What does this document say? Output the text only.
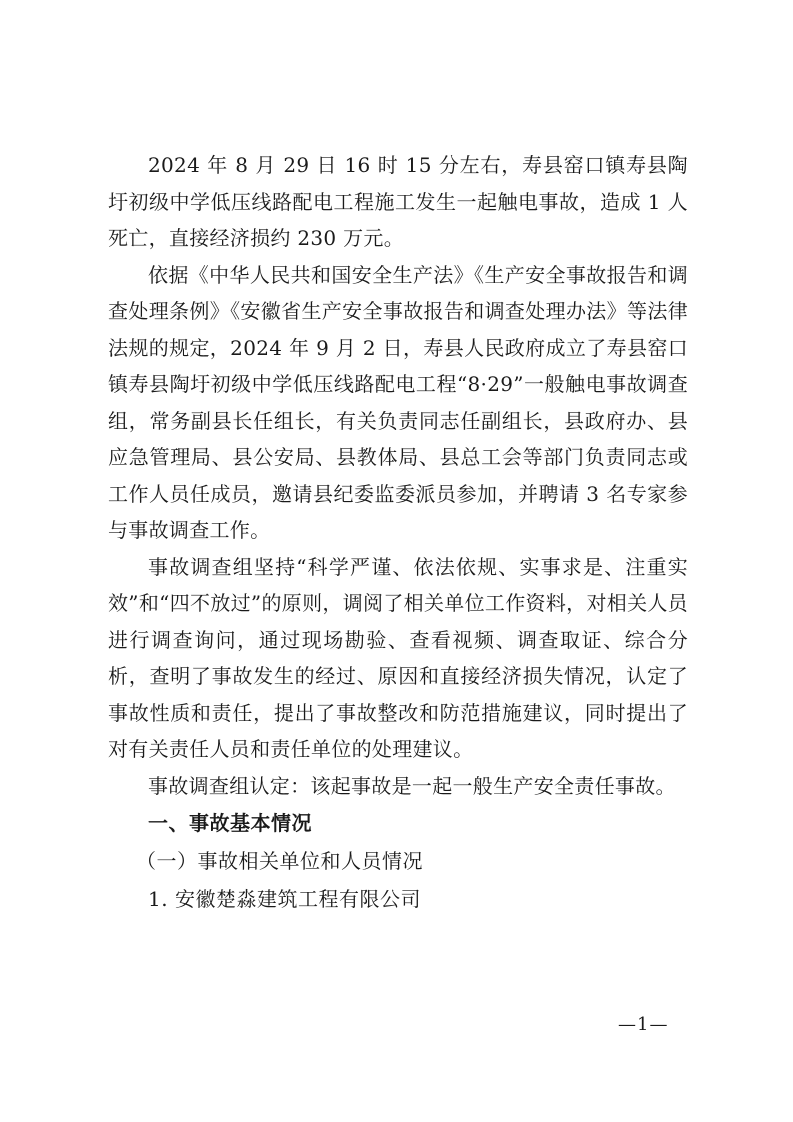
2024 年 8 月 29 日 16 时 15 分左右，寿县窑口镇寿县陶圩初级中学低压线路配电工程施工发生一起触电事故，造成 1 人死亡，直接经济损约 230 万元。

依据《中华人民共和国安全生产法》《生产安全事故报告和调查处理条例》《安徽省生产安全事故报告和调查处理办法》等法律法规的规定，2024 年 9 月 2 日，寿县人民政府成立了寿县窑口镇寿县陶圩初级中学低压线路配电工程“8·29”一般触电事故调查组，常务副县长任组长，有关负责同志任副组长，县政府办、县应急管理局、县公安局、县教体局、县总工会等部门负责同志或工作人员任成员，邀请县纪委监委派员参加，并聘请 3 名专家参与事故调查工作。

事故调查组坚持“科学严谨、依法依规、实事求是、注重实效”和“四不放过”的原则，调阅了相关单位工作资料，对相关人员进行调查询问，通过现场勘验、查看视频、调查取证、综合分析，查明了事故发生的经过、原因和直接经济损失情况，认定了事故性质和责任，提出了事故整改和防范措施建议，同时提出了对有关责任人员和责任单位的处理建议。

事故调查组认定：该起事故是一起一般生产安全责任事故。

一、事故基本情况

（一）事故相关单位和人员情况

1. 安徽楚淼建筑工程有限公司

—1—
